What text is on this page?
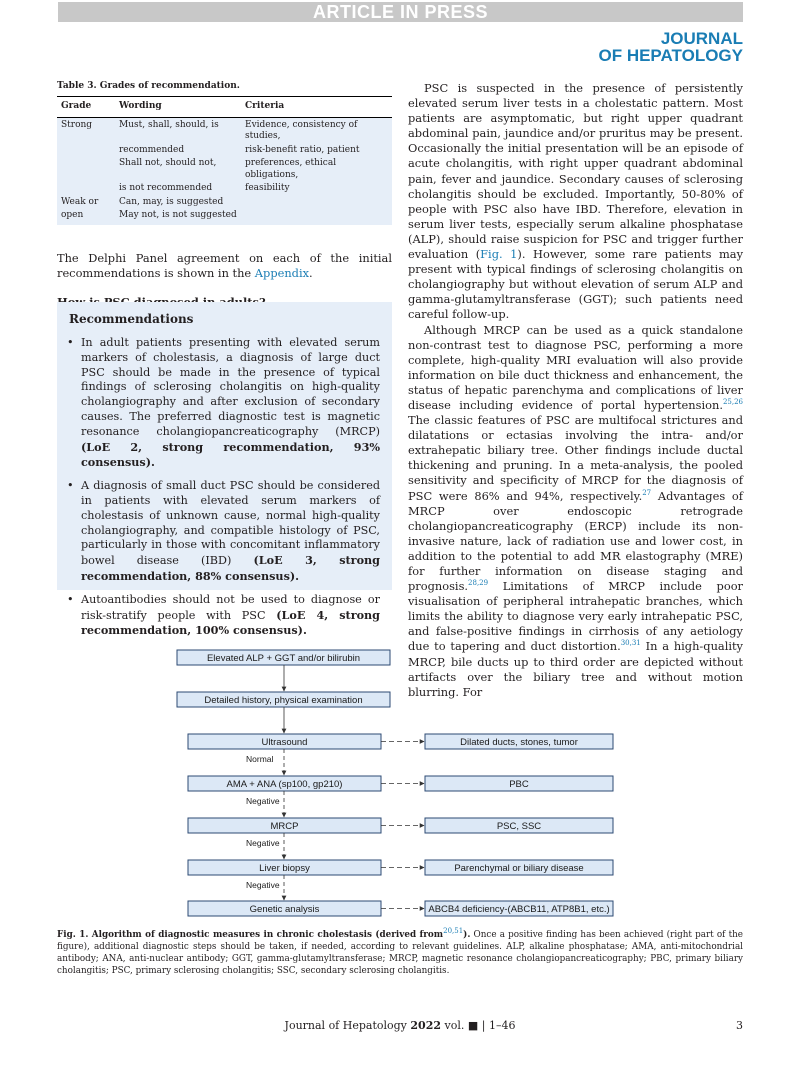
ARTICLE IN PRESS
JOURNAL
OF HEPATOLOGY
Table 3. Grades of recommendation.
Grade	Wording	Criteria
Strong	Must, shall, should, is	Evidence, consistency of studies,
	recommended	risk-benefit ratio, patient
	Shall not, should not,	preferences, ethical obligations,
	is not recommended	feasibility
Weak or	Can, may, is suggested	
open	May not, is not suggested	
The Delphi Panel agreement on each of the initial recommendations is shown in the Appendix.
Recommendations
• In adult patients presenting with elevated serum markers of cholestasis, a diagnosis of large duct PSC should be made in the presence of typical findings of sclerosing cholangitis on high-quality cholangiography and after exclusion of secondary causes. The preferred diagnostic test is magnetic resonance cholangiopancreaticography (MRCP) (LoE 2, strong recommendation, 93% consensus).
• A diagnosis of small duct PSC should be considered in patients with elevated serum markers of cholestasis of unknown cause, normal high-quality cholangiography, and compatible histology of PSC, particularly in those with concomitant inflammatory bowel disease (IBD) (LoE 3, strong recommendation, 88% consensus).
• Autoantibodies should not be used to diagnose or risk-stratify people with PSC (LoE 4, strong recommendation, 100% consensus).
PSC is suspected in the presence of persistently elevated serum liver tests in a cholestatic pattern. Most patients are asymptomatic, but right upper quadrant abdominal pain, jaundice and/or pruritus may be present. Occasionally the initial presentation will be an episode of acute cholangitis, with right upper quadrant abdominal pain, fever and jaundice. Secondary causes of sclerosing cholangitis should be excluded. Importantly, 50-80% of people with PSC also have IBD. Therefore, elevation in serum liver tests, especially serum alkaline phosphatase (ALP), should raise suspicion for PSC and trigger further evaluation (Fig. 1). However, some rare patients may present with typical findings of sclerosing cholangitis on cholangiography but without elevation of serum ALP and gamma-glutamyltransferase (GGT); such patients need careful follow-up.
Although MRCP can be used as a quick standalone non-contrast test to diagnose PSC, performing a more complete, high-quality MRI evaluation will also provide information on bile duct thickness and enhancement, the status of hepatic parenchyma and complications of liver disease including evidence of portal hypertension.$^{25,26}$ The classic features of PSC are multifocal strictures and dilatations or ectasias involving the intra- and/or extrahepatic biliary tree. Other findings include ductal thickening and pruning. In a meta-analysis, the pooled sensitivity and specificity of MRCP for the diagnosis of PSC were 86% and 94%, respectively.$^{27}$ Advantages of MRCP over endoscopic retrograde cholangiopancreaticography (ERCP) include its non-invasive nature, lack of radiation use and lower cost, in addition to the potential to add MR elastography (MRE) for further information on disease staging and prognosis.$^{28,29}$ Limitations of MRCP include poor visualisation of peripheral intrahepatic branches, which limits the ability to diagnose very early intrahepatic PSC, and false-positive findings in cirrhosis of any aetiology due to tapering and duct distortion.$^{30,31}$ In a high-quality MRCP, bile ducts up to third order are depicted without artifacts over the biliary tree and without motion blurring. For
Elevated ALP + GGT and/or bilirubin
Detailed history, physical examination
Ultrasound	Dilated ducts, stones, tumor
Normal
AMA + ANA (sp100, gp210)	PBC
Negative
MRCP	PSC, SSC
Negative
Liver biopsy	Parenchymal or biliary disease
Negative
Genetic analysis	ABCB4 deficiency-(ABCB11, ATP8B1, etc.)
Fig. 1. Algorithm of diagnostic measures in chronic cholestasis (derived from$^{20,51}$). Once a positive finding has been achieved (right part of the figure), additional diagnostic steps should be taken, if needed, according to relevant guidelines. ALP, alkaline phosphatase; AMA, anti-mitochondrial antibody; ANA, anti-nuclear antibody; GGT, gamma-glutamyltransferase; MRCP, magnetic resonance cholangiopancreaticography; PBC, primary biliary cholangitis; PSC, primary sclerosing cholangitis; SSC, secondary sclerosing cholangitis.
Journal of Hepatology 2022 vol. ■ | 1–46	3
